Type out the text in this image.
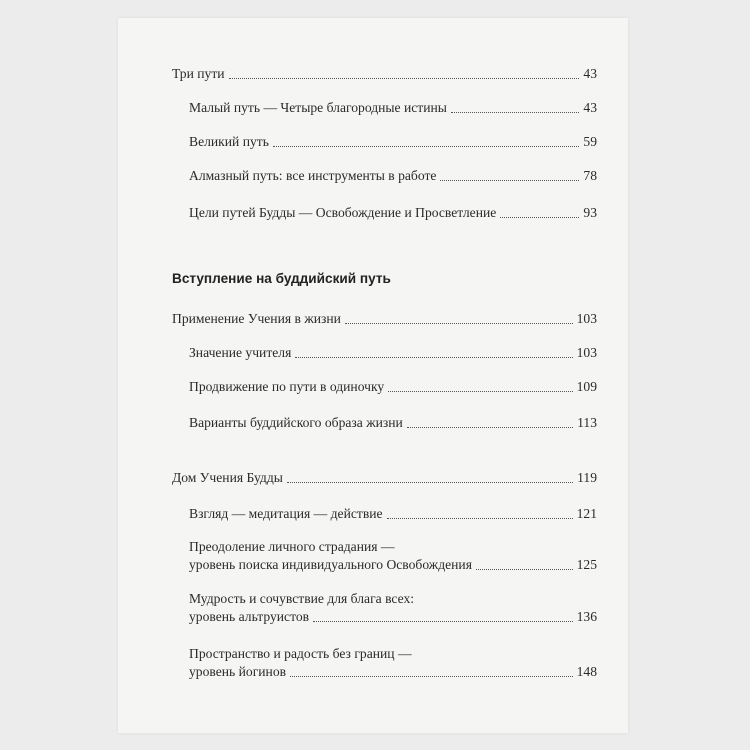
Три пути	43
Малый путь — Четыре благородные истины	43
Великий путь	59
Алмазный путь: все инструменты в работе	78
Цели путей Будды — Освобождение и Просветление	93
Вступление на буддийский путь
Применение Учения в жизни	103
Значение учителя	103
Продвижение по пути в одиночку	109
Варианты буддийского образа жизни	113
Дом Учения Будды	119
Взгляд — медитация — действие	121
Преодоление личного страдания —
уровень поиска индивидуального Освобождения	125
Мудрость и сочувствие для блага всех:
уровень альтруистов	136
Пространство и радость без границ —
уровень йогинов	148
